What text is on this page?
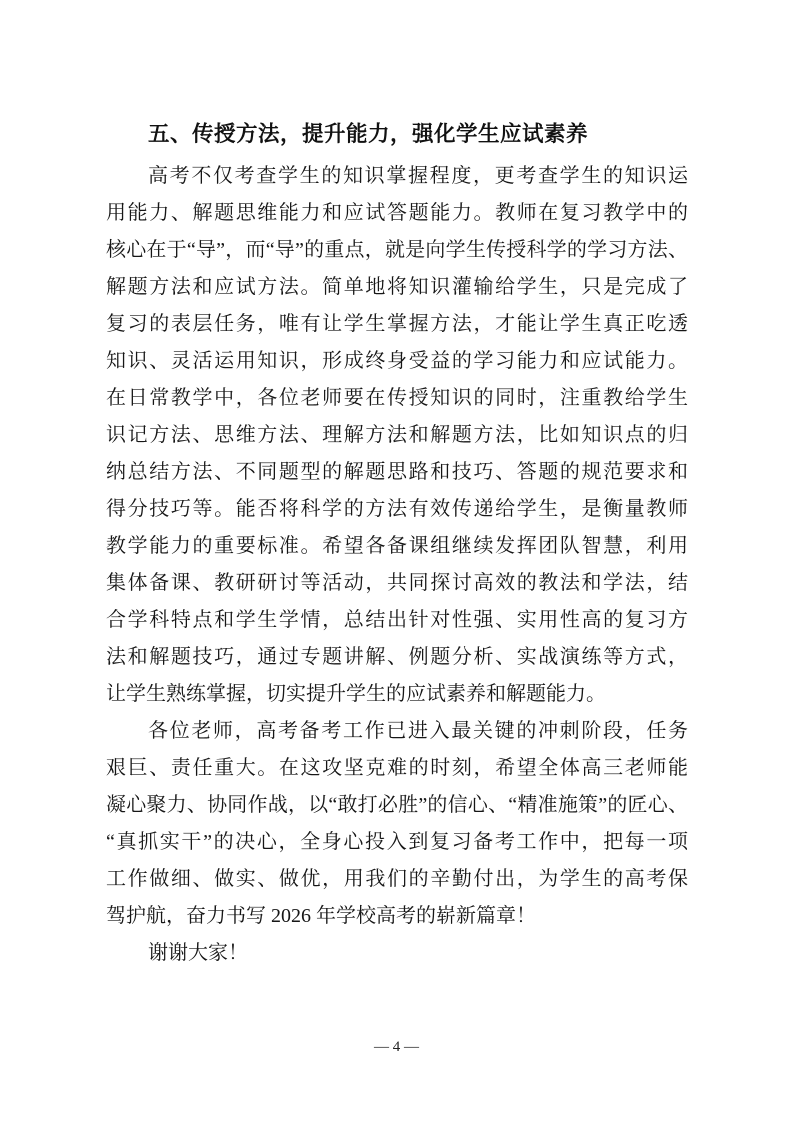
五、传授方法，提升能力，强化学生应试素养
高考不仅考查学生的知识掌握程度，更考查学生的知识运
用能力、解题思维能力和应试答题能力。教师在复习教学中的
核心在于“导”，而“导”的重点，就是向学生传授科学的学习方法、
解题方法和应试方法。简单地将知识灌输给学生，只是完成了
复习的表层任务，唯有让学生掌握方法，才能让学生真正吃透
知识、灵活运用知识，形成终身受益的学习能力和应试能力。
在日常教学中，各位老师要在传授知识的同时，注重教给学生
识记方法、思维方法、理解方法和解题方法，比如知识点的归
纳总结方法、不同题型的解题思路和技巧、答题的规范要求和
得分技巧等。能否将科学的方法有效传递给学生，是衡量教师
教学能力的重要标准。希望各备课组继续发挥团队智慧，利用
集体备课、教研研讨等活动，共同探讨高效的教法和学法，结
合学科特点和学生学情，总结出针对性强、实用性高的复习方
法和解题技巧，通过专题讲解、例题分析、实战演练等方式，
让学生熟练掌握，切实提升学生的应试素养和解题能力。
各位老师，高考备考工作已进入最关键的冲刺阶段，任务
艰巨、责任重大。在这攻坚克难的时刻，希望全体高三老师能
凝心聚力、协同作战，以“敢打必胜”的信心、“精准施策”的匠心、
“真抓实干”的决心，全身心投入到复习备考工作中，把每一项
工作做细、做实、做优，用我们的辛勤付出，为学生的高考保
驾护航，奋力书写 2026 年学校高考的崭新篇章！
谢谢大家！
— 4 —
